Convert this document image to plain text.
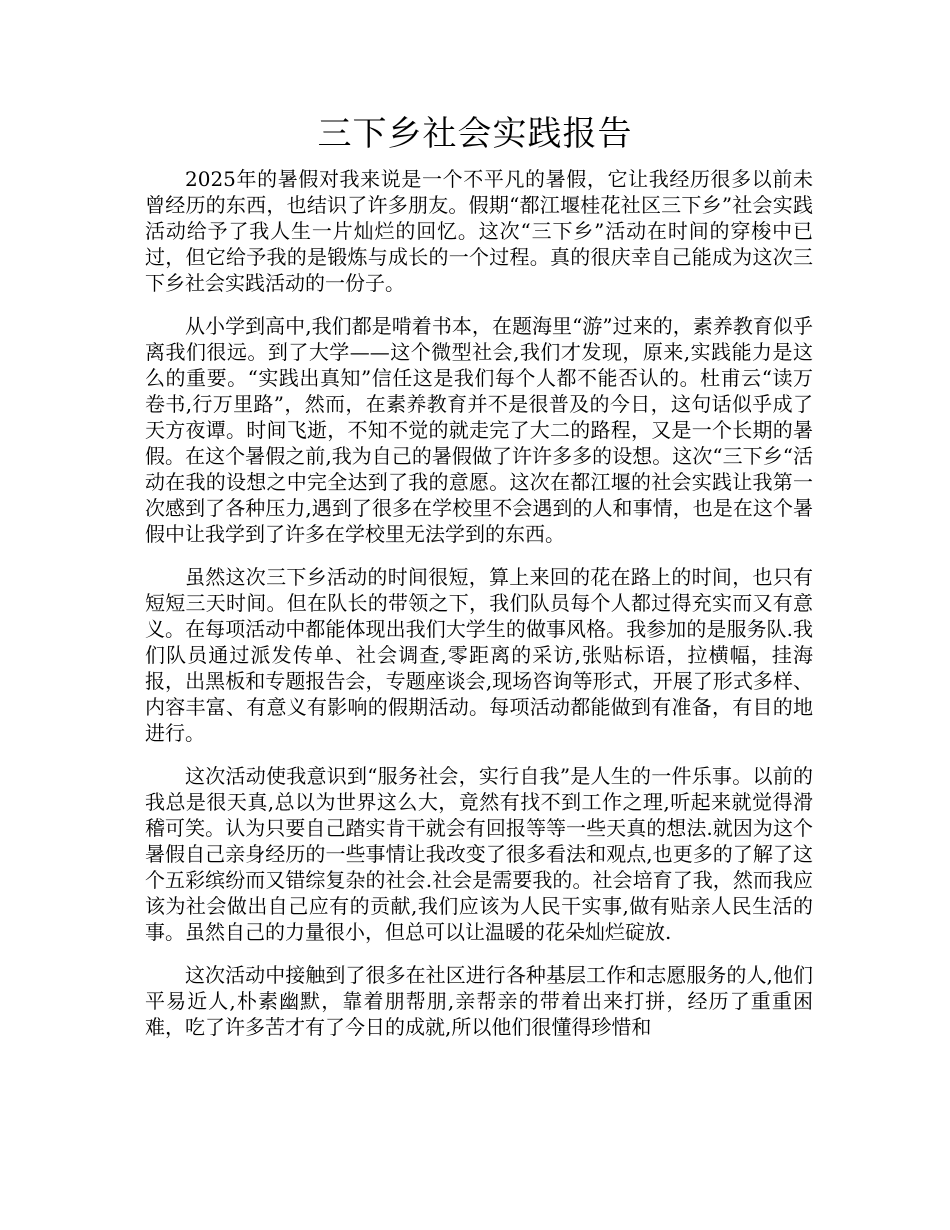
三下乡社会实践报告

2025年的暑假对我来说是一个不平凡的暑假，它让我经历很多以前未曾经历的东西，也结识了许多朋友。假期“都江堰桂花社区三下乡”社会实践活动给予了我人生一片灿烂的回忆。这次“三下乡”活动在时间的穿梭中已过，但它给予我的是锻炼与成长的一个过程。真的很庆幸自己能成为这次三下乡社会实践活动的一份子。

从小学到高中,我们都是啃着书本，在题海里“游”过来的，素养教育似乎离我们很远。到了大学——这个微型社会,我们才发现，原来,实践能力是这么的重要。“实践出真知”信任这是我们每个人都不能否认的。杜甫云“读万卷书,行万里路”，然而，在素养教育并不是很普及的今日，这句话似乎成了天方夜谭。时间飞逝，不知不觉的就走完了大二的路程，又是一个长期的暑假。在这个暑假之前,我为自己的暑假做了许许多多的设想。这次“三下乡“活动在我的设想之中完全达到了我的意愿。这次在都江堰的社会实践让我第一次感到了各种压力,遇到了很多在学校里不会遇到的人和事情，也是在这个暑假中让我学到了许多在学校里无法学到的东西。

虽然这次三下乡活动的时间很短，算上来回的花在路上的时间，也只有短短三天时间。但在队长的带领之下，我们队员每个人都过得充实而又有意义。在每项活动中都能体现出我们大学生的做事风格。我参加的是服务队.我们队员通过派发传单、社会调查,零距离的采访,张贴标语，拉横幅，挂海报，出黑板和专题报告会，专题座谈会,现场咨询等形式，开展了形式多样、内容丰富、有意义有影响的假期活动。每项活动都能做到有准备，有目的地进行。

这次活动使我意识到“服务社会，实行自我”是人生的一件乐事。以前的我总是很天真,总以为世界这么大，竟然有找不到工作之理,听起来就觉得滑稽可笑。认为只要自己踏实肯干就会有回报等等一些天真的想法.就因为这个暑假自己亲身经历的一些事情让我改变了很多看法和观点,也更多的了解了这个五彩缤纷而又错综复杂的社会.社会是需要我的。社会培育了我，然而我应该为社会做出自己应有的贡献,我们应该为人民干实事,做有贴亲人民生活的事。虽然自己的力量很小，但总可以让温暖的花朵灿烂碇放.

这次活动中接触到了很多在社区进行各种基层工作和志愿服务的人,他们平易近人,朴素幽默，靠着朋帮朋,亲帮亲的带着出来打拼，经历了重重困难，吃了许多苦才有了今日的成就,所以他们很懂得珍惜和
